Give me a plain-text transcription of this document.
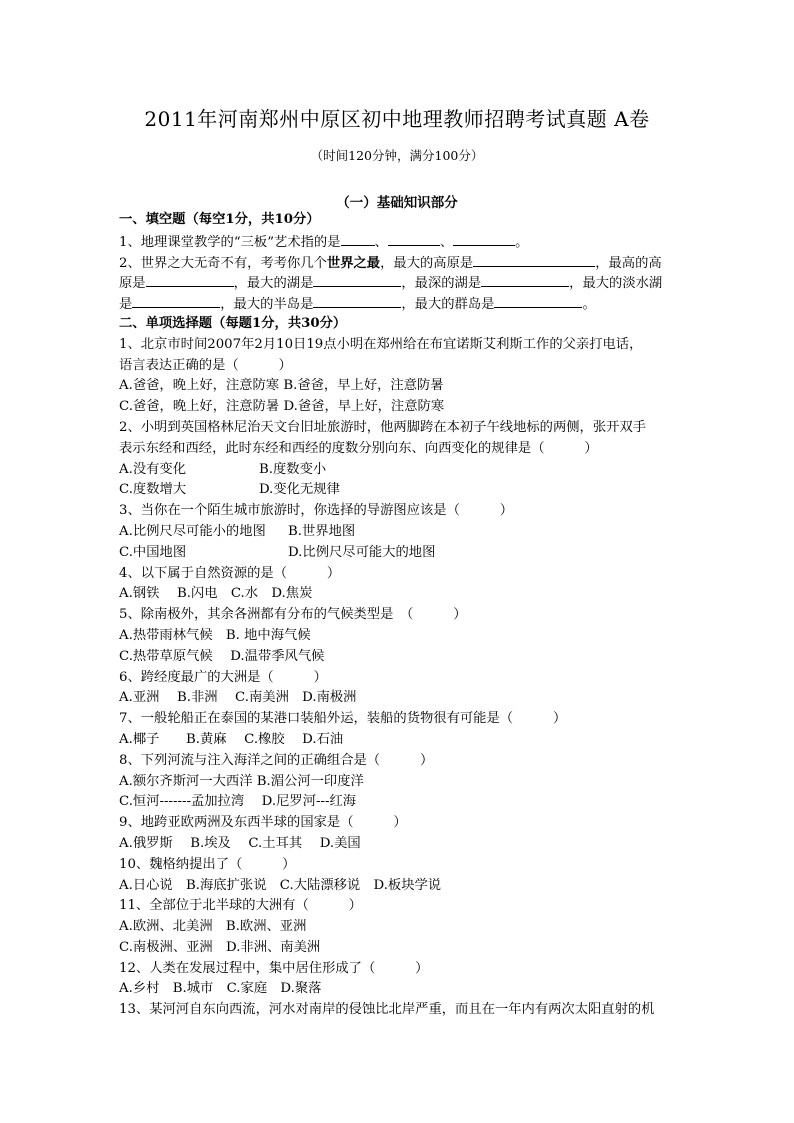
2011年河南郑州中原区初中地理教师招聘考试真题 A卷
（时间120分钟，满分100分）
（一）基础知识部分
一、填空题（每空1分，共10分）
1、地理课堂教学的“三板”艺术指的是	、	、	。
2、世界之大无奇不有，考考你几个世界之最，最大的高原是	，最高的高
原是	，最大的湖是	，最深的湖是	，最大的淡水湖
是	，最大的半岛是	，最大的群岛是	。
二、单项选择题（每题1分，共30分）
1、北京市时间2007年2月10日19点小明在郑州给在布宜诺斯艾利斯工作的父亲打电话，
语言表达正确的是（　　　）
A.爸爸，晚上好，注意防寒 B.爸爸，早上好，注意防暑
C.爸爸，晚上好，注意防暑 D.爸爸，早上好，注意防寒
2、小明到英国格林尼治天文台旧址旅游时，他两脚跨在本初子午线地标的两侧，张开双手
表示东经和西经，此时东经和西经的度数分别向东、向西变化的规律是（　　　）
A.没有变化	B.度数变小
C.度数增大	D.变化无规律
3、当你在一个陌生城市旅游时，你选择的导游图应该是（　　　）
A.比例尺尽可能小的地图 B.世界地图
C.中国地图	D.比例尺尽可能大的地图
4、以下属于自然资源的是（　　　）
A.钢铁　 B.闪电　C.水　D.焦炭
5、除南极外，其余各洲都有分布的气候类型是　（　　　）
A.热带雨林气候　B. 地中海气候
C.热带草原气候　 D.温带季风气候
6、跨经度最广的大洲是（　　　）
A.亚洲　 B.非洲　 C.南美洲　D.南极洲
7、一般轮船正在泰国的某港口装船外运，装船的货物很有可能是（　　　）
A.椰子　　B.黄麻　 C.橡胶　 D.石油
8、下列河流与注入海洋之间的正确组合是（　　　）
A.额尔齐斯河一大西洋 B.湄公河一印度洋
C.恒河-------孟加拉湾　 D.尼罗河---红海
9、地跨亚欧两洲及东西半球的国家是（　　　）
A.俄罗斯　 B.埃及　 C.土耳其　 D.美国
10、魏格纳提出了（　　　）
A.日心说　B.海底扩张说　C.大陆漂移说　D.板块学说
11、全部位于北半球的大洲有（　　　）
A.欧洲、北美洲　B.欧洲、亚洲
C.南极洲、亚洲　D.非洲、南美洲
12、人类在发展过程中，集中居住形成了（　　　）
A.乡村　B.城市　C.家庭　D.聚落
13、某河河自东向西流，河水对南岸的侵蚀比北岸严重，而且在一年内有两次太阳直射的机
